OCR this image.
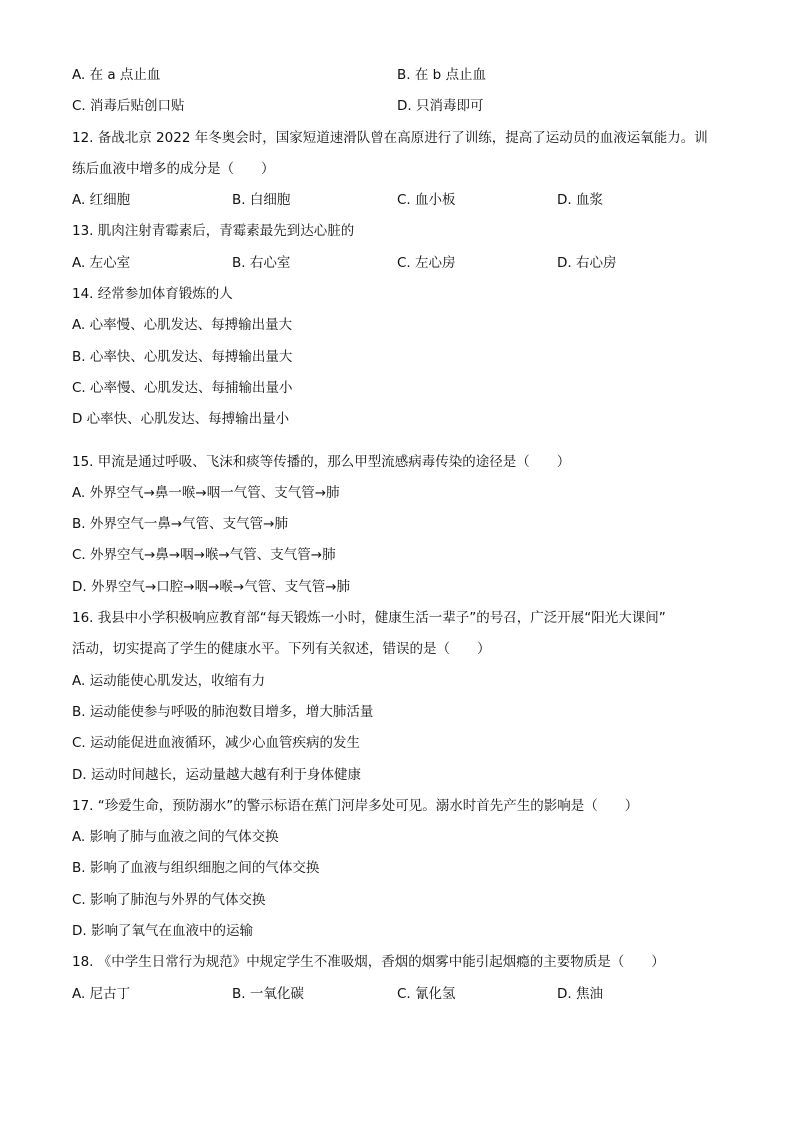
A. 在 a 点止血	B. 在 b 点止血
C. 消毒后贴创口贴	D. 只消毒即可
12. 备战北京 2022 年冬奥会时，国家短道速滑队曾在高原进行了训练，提高了运动员的血液运氧能力。训
练后血液中增多的成分是（　　）
A. 红细胞	B. 白细胞	C. 血小板	D. 血浆
13. 肌肉注射青霉素后，青霉素最先到达心脏的
A. 左心室	B. 右心室	C. 左心房	D. 右心房
14. 经常参加体育锻炼的人
A. 心率慢、心肌发达、每搏输出量大
B. 心率快、心肌发达、每搏输出量大
C. 心率慢、心肌发达、每捕输出量小
D 心率快、心肌发达、每搏输出量小
15. 甲流是通过呼吸、飞沫和痰等传播的，那么甲型流感病毒传染的途径是（　　）
A. 外界空气→鼻一喉→咽一气管、支气管→肺
B. 外界空气一鼻→气管、支气管→肺
C. 外界空气→鼻→咽→喉→气管、支气管→肺
D. 外界空气→口腔→咽→喉→气管、支气管→肺
16. 我县中小学积极响应教育部“每天锻炼一小时，健康生活一辈子”的号召，广泛开展“阳光大课间”
活动，切实提高了学生的健康水平。下列有关叙述，错误的是（　　）
A. 运动能使心肌发达，收缩有力
B. 运动能使参与呼吸的肺泡数目增多，增大肺活量
C. 运动能促进血液循环，减少心血管疾病的发生
D. 运动时间越长，运动量越大越有利于身体健康
17. “珍爱生命，预防溺水”的警示标语在蕉门河岸多处可见。溺水时首先产生的影响是（　　）
A. 影响了肺与血液之间的气体交换
B. 影响了血液与组织细胞之间的气体交换
C. 影响了肺泡与外界的气体交换
D. 影响了氧气在血液中的运输
18. 《中学生日常行为规范》中规定学生不准吸烟，香烟的烟雾中能引起烟瘾的主要物质是（　　）
A. 尼古丁	B. 一氧化碳	C. 氰化氢	D. 焦油
